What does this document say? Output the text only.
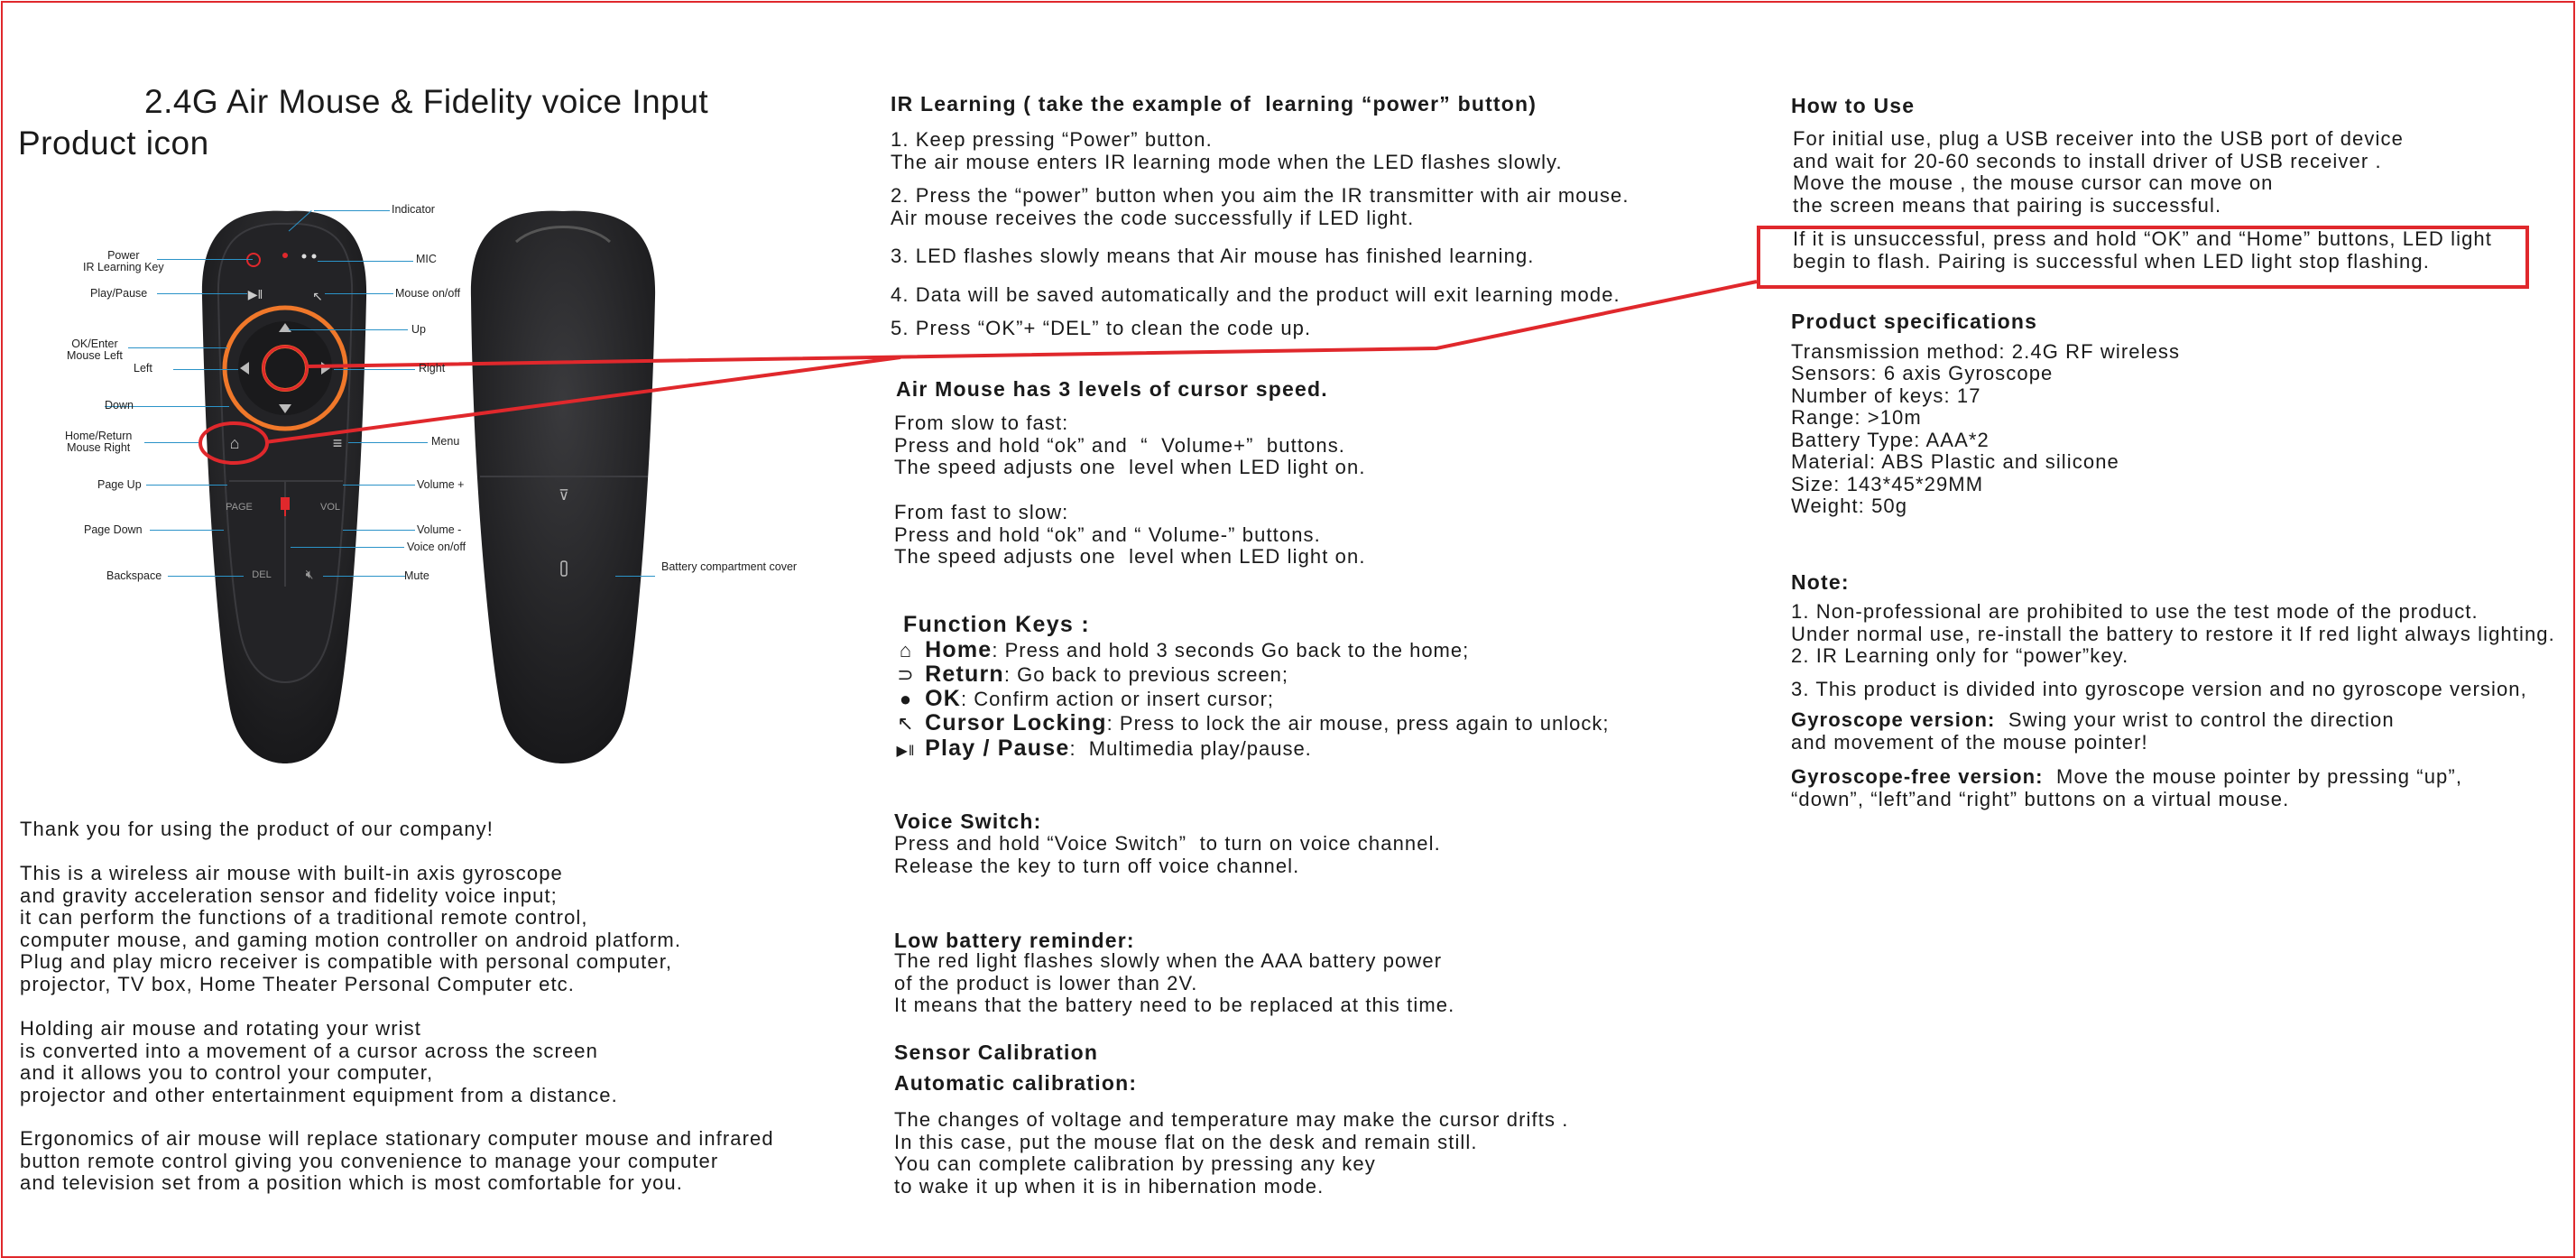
2.4G Air Mouse & Fidelity voice Input
Product icon
▶‖	↖
⌂	≡
PAGE	VOL
DEL	🔇︎
⊽
Indicator
Power
IR Learning Key
MIC
Play/Pause	Mouse on/off
OK/Enter
Mouse Left
Up
Left	Right
Down
Home/Return
Mouse Right	Menu
Page Up	Volume +
Page Down	Volume -
Voice on/off
Backspace	Mute
Battery compartment cover
Thank you for using the product of our company!
This is a wireless air mouse with built-in axis gyroscope
and gravity acceleration sensor and fidelity voice input;
it can perform the functions of a traditional remote control,
computer mouse, and gaming motion controller on android platform.
Plug and play micro receiver is compatible with personal computer,
projector, TV box, Home Theater Personal Computer etc.
Holding air mouse and rotating your wrist
is converted into a movement of a cursor across the screen
and it allows you to control your computer,
projector and other entertainment equipment from a distance.
Ergonomics of air mouse will replace stationary computer mouse and infrared
button remote control giving you convenience to manage your computer
and television set from a position which is most comfortable for you.
IR Learning ( take the example of  learning “power” button)
1. Keep pressing “Power” button.
The air mouse enters IR learning mode when the LED flashes slowly.
2. Press the “power” button when you aim the IR transmitter with air mouse.
Air mouse receives the code successfully if LED light.
3. LED flashes slowly means that Air mouse has finished learning.
4. Data will be saved automatically and the product will exit learning mode.
5. Press “OK”+ “DEL” to clean the code up.
Air Mouse has 3 levels of cursor speed.
From slow to fast:
Press and hold “ok” and  “  Volume+”  buttons.
The speed adjusts one  level when LED light on.
From fast to slow:
Press and hold “ok” and “ Volume-” buttons.
The speed adjusts one  level when LED light on.
Function Keys :
⌂ Home: Press and hold 3 seconds Go back to the home;
⊃ Return: Go back to previous screen;
● OK: Confirm action or insert cursor;
↖ Cursor Locking: Press to lock the air mouse, press again to unlock;
▶‖ Play / Pause:  Multimedia play/pause.
Voice Switch:
Press and hold “Voice Switch”  to turn on voice channel.
Release the key to turn off voice channel.
Low battery reminder:
The red light flashes slowly when the AAA battery power
of the product is lower than 2V.
It means that the battery need to be replaced at this time.
Sensor Calibration
Automatic calibration:
The changes of voltage and temperature may make the cursor drifts .
In this case, put the mouse flat on the desk and remain still.
You can complete calibration by pressing any key
to wake it up when it is in hibernation mode.
How to Use
For initial use, plug a USB receiver into the USB port of device
and wait for 20-60 seconds to install driver of USB receiver .
Move the mouse , the mouse cursor can move on
the screen means that pairing is successful.
If it is unsuccessful, press and hold “OK” and “Home” buttons, LED light
begin to flash. Pairing is successful when LED light stop flashing.
Product specifications
Transmission method: 2.4G RF wireless
Sensors: 6 axis Gyroscope
Number of keys: 17
Range: >10m
Battery Type: AAA*2
Material: ABS Plastic and silicone
Size: 143*45*29MM
Weight: 50g
Note:
1. Non-professional are prohibited to use the test mode of the product.
Under normal use, re-install the battery to restore it If red light always lighting.
2. IR Learning only for “power”key.
3. This product is divided into gyroscope version and no gyroscope version,
Gyroscope version:  Swing your wrist to control the direction
and movement of the mouse pointer!
Gyroscope-free version:  Move the mouse pointer by pressing “up”,
“down”, “left”and “right” buttons on a virtual mouse.
